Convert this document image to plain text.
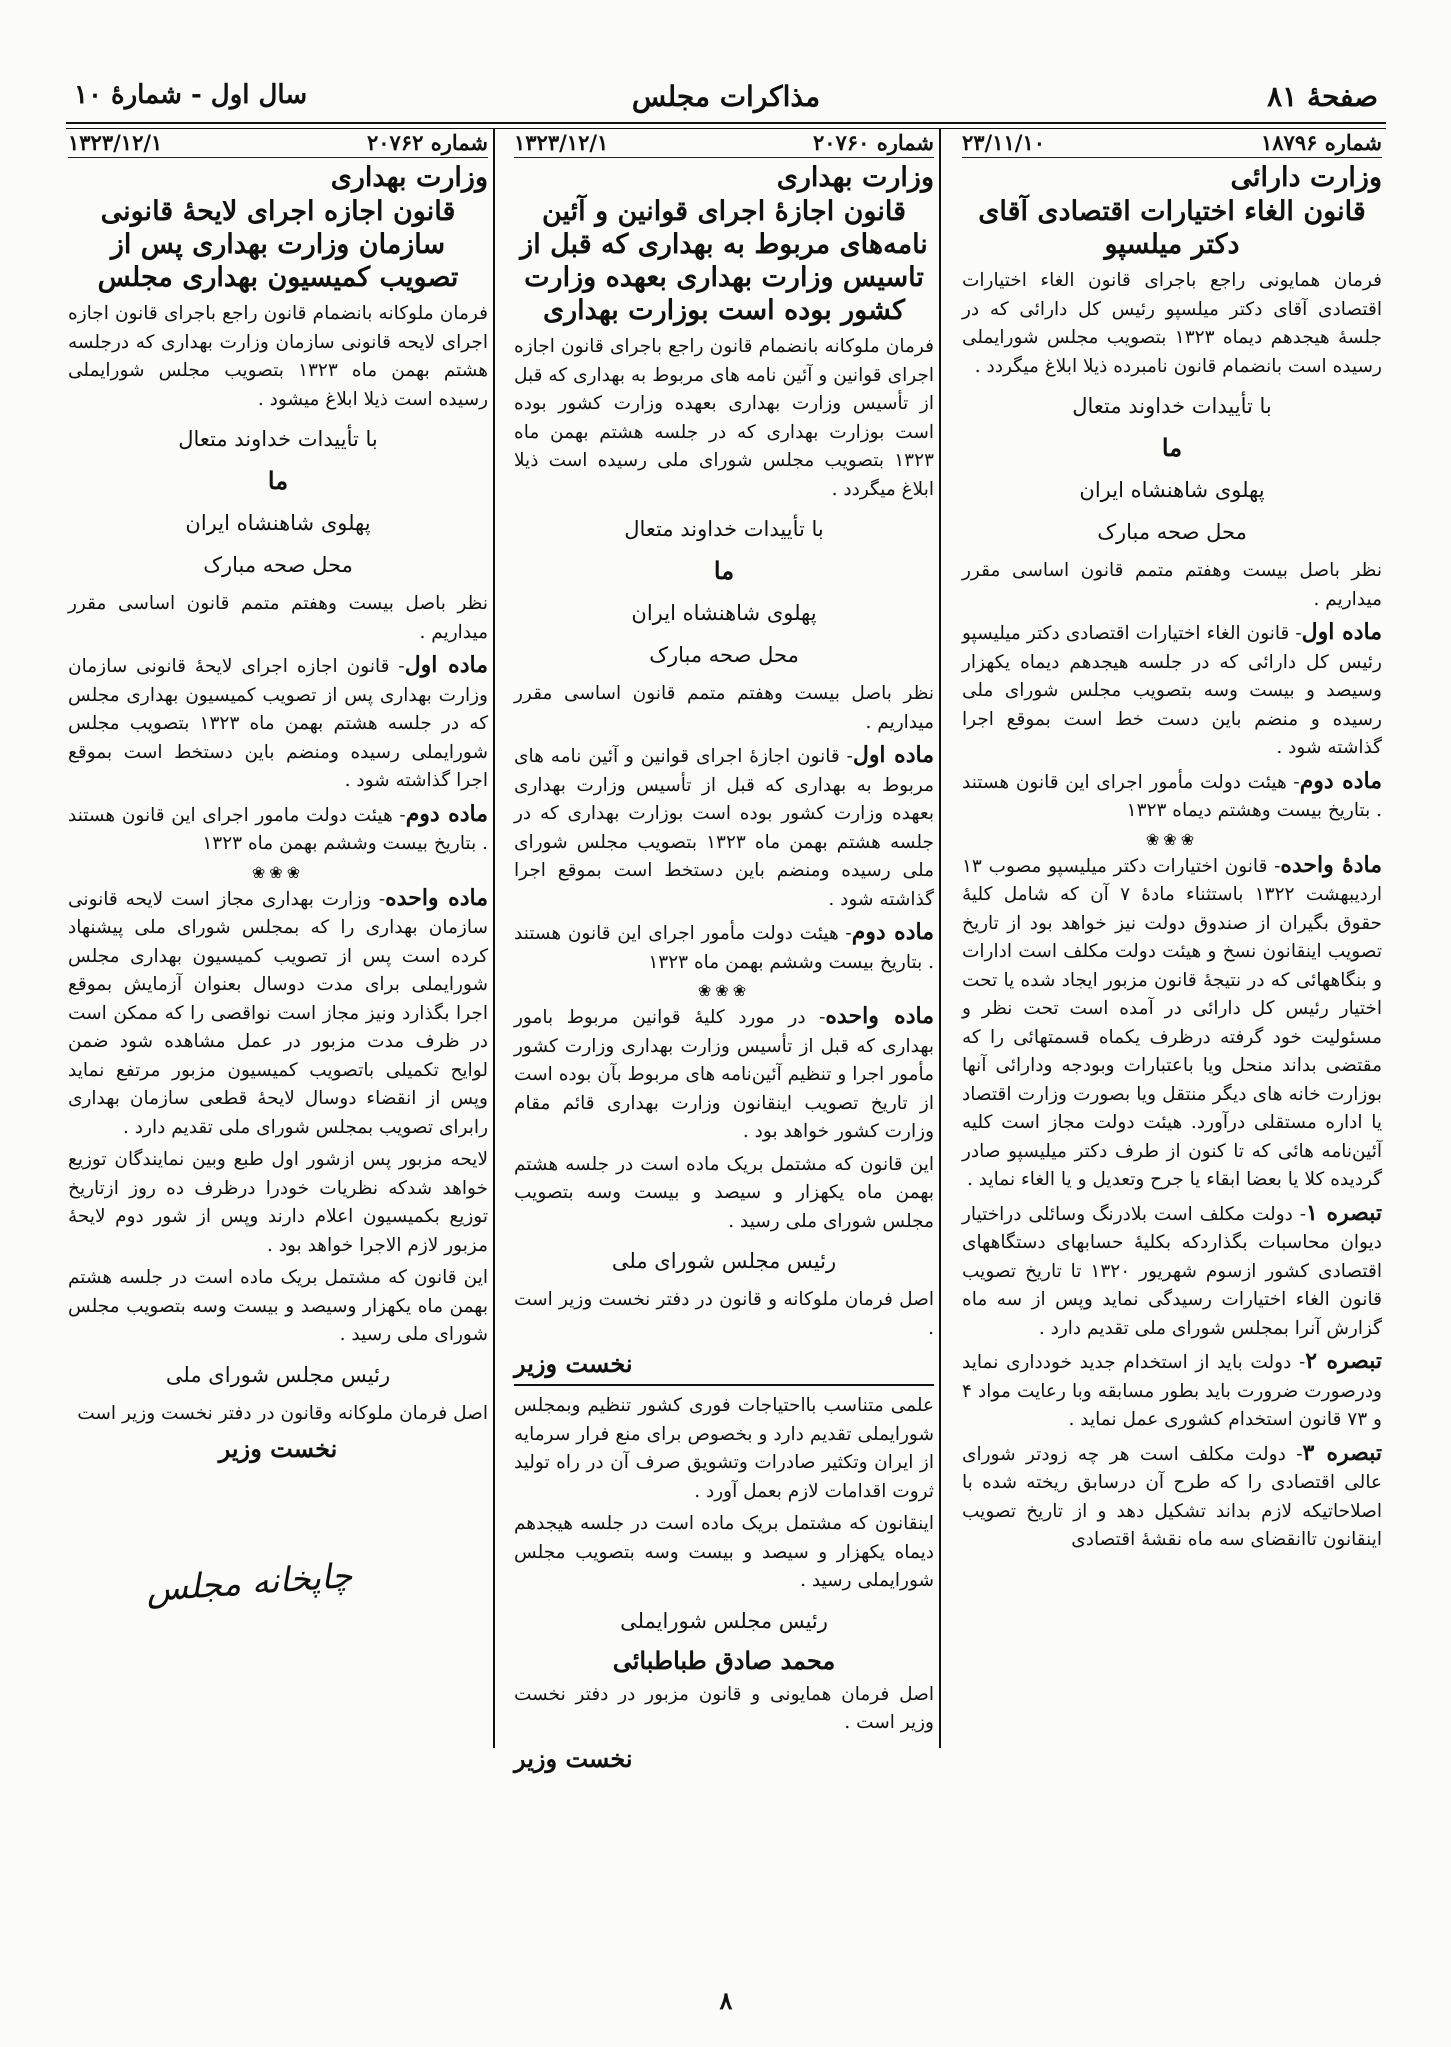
صفحهٔ ۸۱
مذاکرات مجلس
سال اول - شمارهٔ ۱۰
شماره ۱۸۷۹۶
۲۳/۱۱/۱۰
وزارت دارائی
قانون الغاء اختیارات اقتصادی آقای دکتر میلسپو

فرمان همایونی راجع باجرای قانون الغاء اختیارات اقتصادی آقای دکتر میلسپو رئیس کل دارائی که در جلسهٔ هیجدهم دیماه ۱۳۲۳ بتصویب مجلس شورایملی رسیده است بانضمام قانون نامبرده ذیلا ابلاغ میگردد .

با تأییدات خداوند متعال
ما
پهلوی شاهنشاه ایران
محل صحه مبارک

نظر باصل بیست وهفتم متمم قانون اساسی مقرر میداریم .

ماده اول- قانون الغاء اختیارات اقتصادی دکتر میلیسپو رئیس کل دارائی که در جلسه هیجدهم دیماه یکهزار وسیصد و بیست وسه بتصویب مجلس شورای ملی رسیده و منضم باین دست خط است بموقع اجرا گذاشته شود .

ماده دوم- هیئت دولت مأمور اجرای این قانون هستند . بتاریخ بیست وهشتم دیماه ۱۳۲۳

❀❀❀

مادهٔ واحده- قانون اختیارات دکتر میلیسپو مصوب ۱۳ اردیبهشت ۱۳۲۲ باستثناء مادهٔ ۷ آن که شامل کلیهٔ حقوق بگیران از صندوق دولت نیز خواهد بود از تاریخ تصویب اینقانون نسخ و هیئت دولت مکلف است ادارات و بنگاههائی که در نتیجهٔ قانون مزبور ایجاد شده یا تحت اختیار رئیس کل دارائی در آمده است تحت نظر و مسئولیت خود گرفته درظرف یکماه قسمتهائی را که مقتضی بداند منحل ویا باعتبارات وبودجه ودارائی آنها بوزارت خانه های دیگر منتقل ویا بصورت وزارت اقتصاد یا اداره مستقلی درآورد. هیئت دولت مجاز است کلیه آئین‌نامه هائی که تا کنون از طرف دکتر میلیسپو صادر گردیده کلا یا بعضا ابقاء یا جرح وتعدیل و یا الغاء نماید .

تبصره ۱- دولت مکلف است بلادرنگ وسائلی دراختیار دیوان محاسبات بگذاردکه بکلیهٔ حسابهای دستگاههای اقتصادی کشور ازسوم شهریور ۱۳۲۰ تا تاریخ تصویب قانون الغاء اختیارات رسیدگی نماید وپس از سه ماه گزارش آنرا بمجلس شورای ملی تقدیم دارد .

تبصره ۲- دولت باید از استخدام جدید خودداری نماید ودرصورت ضرورت باید بطور مسابقه وبا رعایت مواد ۴ و ۷۳ قانون استخدام کشوری عمل نماید .

تبصره ۳- دولت مکلف است هر چه زودتر شورای عالی اقتصادی را که طرح آن درسابق ریخته شده با اصلاحاتیکه لازم بداند تشکیل دهد و از تاریخ تصویب اینقانون تاانقضای سه ماه نقشهٔ اقتصادی

شماره ۲۰۷۶۰
۱۳۲۳/۱۲/۱
وزارت بهداری
قانون اجازهٔ اجرای قوانین و آئین نامه‌های مربوط به بهداری که قبل از تاسیس وزارت بهداری بعهده وزارت کشور بوده است بوزارت بهداری

فرمان ملوکانه بانضمام قانون راجع باجرای قانون اجازه اجرای قوانین و آئین نامه های مربوط به بهداری که قبل از تأسیس وزارت بهداری بعهده وزارت کشور بوده است بوزارت بهداری که در جلسه هشتم بهمن ماه ۱۳۲۳ بتصویب مجلس شورای ملی رسیده است ذیلا ابلاغ میگردد .

با تأییدات خداوند متعال
ما
پهلوی شاهنشاه ایران
محل صحه مبارک

نظر باصل بیست وهفتم متمم قانون اساسی مقرر میداریم .

ماده اول- قانون اجازهٔ اجرای قوانین و آئین نامه های مربوط به بهداری که قبل از تأسیس وزارت بهداری بعهده وزارت کشور بوده است بوزارت بهداری که در جلسه هشتم بهمن ماه ۱۳۲۳ بتصویب مجلس شورای ملی رسیده ومنضم باین دستخط است بموقع اجرا گذاشته شود .

ماده دوم- هیئت دولت مأمور اجرای این قانون هستند . بتاریخ بیست وششم بهمن ماه ۱۳۲۳

❀❀❀

ماده واحده- در مورد کلیهٔ قوانین مربوط بامور بهداری که قبل از تأسیس وزارت بهداری وزارت کشور مأمور اجرا و تنظیم آئین‌نامه های مربوط بآن بوده است از تاریخ تصویب اینقانون وزارت بهداری قائم مقام وزارت کشور خواهد بود .

این قانون که مشتمل بریک ماده است در جلسه هشتم بهمن ماه یکهزار و سیصد و بیست وسه بتصویب مجلس شورای ملی رسید .

رئیس مجلس شورای ملی

اصل فرمان ملوکانه و قانون در دفتر نخست وزیر است .

نخست وزیر

علمی متناسب بااحتیاجات فوری کشور تنظیم وبمجلس شورایملی تقدیم دارد و بخصوص برای منع فرار سرمایه از ایران وتکثیر صادرات وتشویق صرف آن در راه تولید ثروت اقدامات لازم بعمل آورد .

اینقانون که مشتمل بریک ماده است در جلسه هیجدهم دیماه یکهزار و سیصد و بیست وسه بتصویب مجلس شورایملی رسید .

رئیس مجلس شورایملی
محمد صادق طباطبائی

اصل فرمان همایونی و قانون مزبور در دفتر نخست وزیر است .

نخست وزیر
شماره ۲۰۷۶۲
۱۳۲۳/۱۲/۱
وزارت بهداری
قانون اجازه اجرای لایحهٔ قانونی سازمان وزارت بهداری پس از تصویب کمیسیون بهداری مجلس

فرمان ملوکانه بانضمام قانون راجع باجرای قانون اجازه اجرای لایحه قانونی سازمان وزارت بهداری که درجلسه هشتم بهمن ماه ۱۳۲۳ بتصویب مجلس شورایملی رسیده است ذیلا ابلاغ میشود .

با تأییدات خداوند متعال
ما
پهلوی شاهنشاه ایران
محل صحه مبارک

نظر باصل بیست وهفتم متمم قانون اساسی مقرر میداریم .

ماده اول- قانون اجازه اجرای لایحهٔ قانونی سازمان وزارت بهداری پس از تصویب کمیسیون بهداری مجلس که در جلسه هشتم بهمن ماه ۱۳۲۳ بتصویب مجلس شورایملی رسیده ومنضم باین دستخط است بموقع اجرا گذاشته شود .

ماده دوم- هیئت دولت مامور اجرای این قانون هستند . بتاریخ بیست وششم بهمن ماه ۱۳۲۳

❀❀❀

ماده واحده- وزارت بهداری مجاز است لایحه قانونی سازمان بهداری را که بمجلس شورای ملی پیشنهاد کرده است پس از تصویب کمیسیون بهداری مجلس شورایملی برای مدت دوسال بعنوان آزمایش بموقع اجرا بگذارد ونیز مجاز است نواقصی را که ممکن است در ظرف مدت مزبور در عمل مشاهده شود ضمن لوایح تکمیلی باتصویب کمیسیون مزبور مرتفع نماید وپس از انقضاء دوسال لایحهٔ قطعی سازمان بهداری رابرای تصویب بمجلس شورای ملی تقدیم دارد .

لایحه مزبور پس ازشور اول طبع وبین نمایندگان توزیع خواهد شدکه نظریات خودرا درظرف ده روز ازتاریخ توزیع بکمیسیون اعلام دارند وپس از شور دوم لایحهٔ مزبور لازم الاجرا خواهد بود .

این قانون که مشتمل بریک ماده است در جلسه هشتم بهمن ماه یکهزار وسیصد و بیست وسه بتصویب مجلس شورای ملی رسید .

رئیس مجلس شورای ملی

اصل فرمان ملوکانه وقانون در دفتر نخست وزیر است

نخست وزیر
چاپخانه مجلس
۸
